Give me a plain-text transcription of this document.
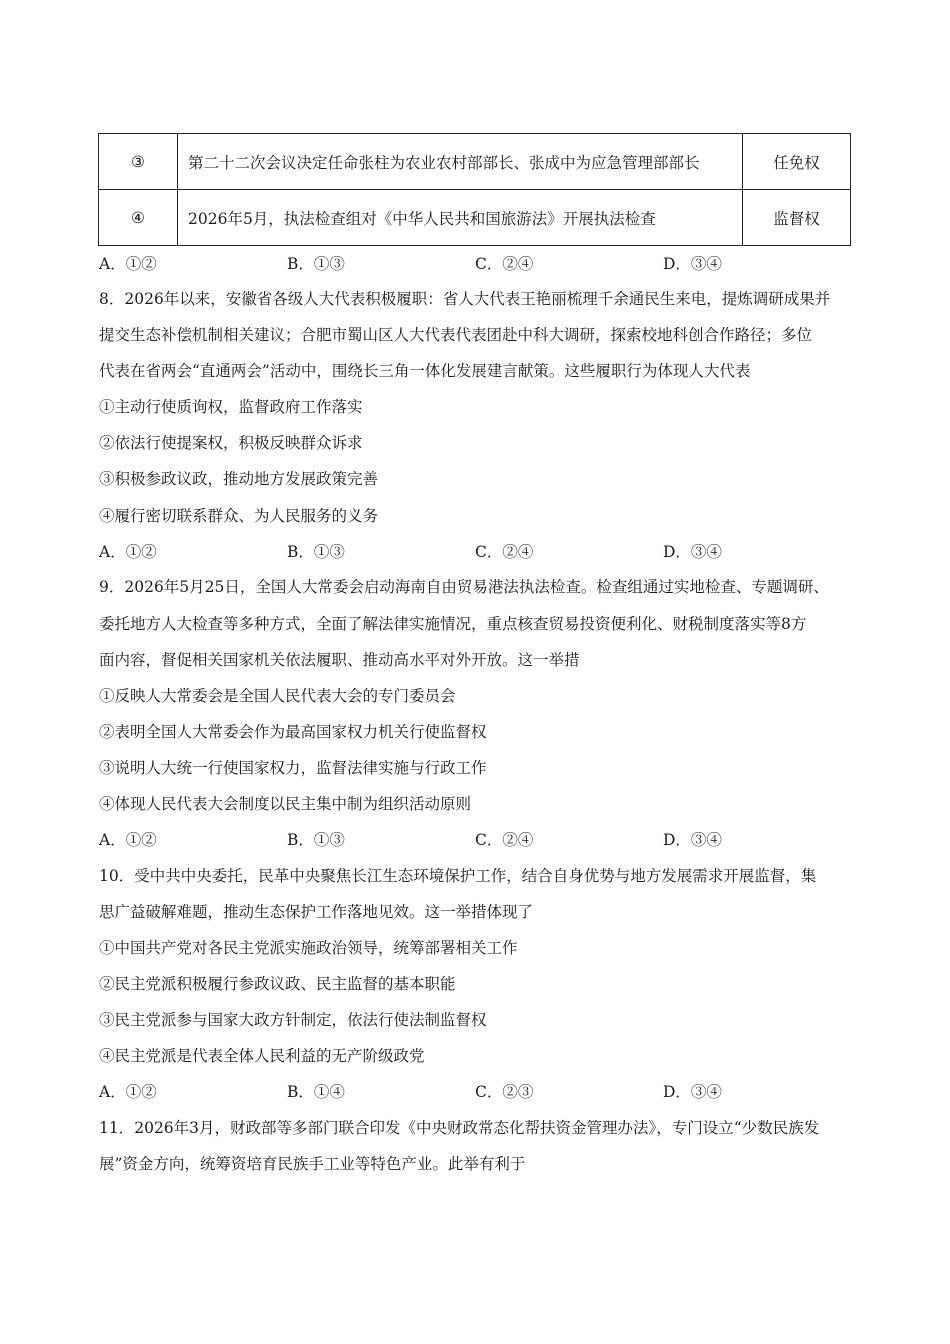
③	第二十二次会议决定任命张柱为农业农村部部长、张成中为应急管理部部长	任免权
④	2026年5月，执法检查组对《中华人民共和国旅游法》开展执法检查	监督权
A．①②	B．①③	C．②④	D．③④
8．2026年以来，安徽省各级人大代表积极履职：省人大代表王艳丽梳理千余通民生来电，提炼调研成果并
提交生态补偿机制相关建议；合肥市蜀山区人大代表代表团赴中科大调研，探索校地科创合作路径；多位
代表在省两会“直通两会”活动中，围绕长三角一体化发展建言献策。这些履职行为体现人大代表
①主动行使质询权，监督政府工作落实
②依法行使提案权，积极反映群众诉求
③积极参政议政，推动地方发展政策完善
④履行密切联系群众、为人民服务的义务
A．①②	B．①③	C．②④	D．③④
9．2026年5月25日，全国人大常委会启动海南自由贸易港法执法检查。检查组通过实地检查、专题调研、
委托地方人大检查等多种方式，全面了解法律实施情况，重点核查贸易投资便利化、财税制度落实等8方
面内容，督促相关国家机关依法履职、推动高水平对外开放。这一举措
①反映人大常委会是全国人民代表大会的专门委员会
②表明全国人大常委会作为最高国家权力机关行使监督权
③说明人大统一行使国家权力，监督法律实施与行政工作
④体现人民代表大会制度以民主集中制为组织活动原则
A．①②	B．①③	C．②④	D．③④
10．受中共中央委托，民革中央聚焦长江生态环境保护工作，结合自身优势与地方发展需求开展监督，集
思广益破解难题，推动生态保护工作落地见效。这一举措体现了
①中国共产党对各民主党派实施政治领导，统筹部署相关工作
②民主党派积极履行参政议政、民主监督的基本职能
③民主党派参与国家大政方针制定，依法行使法制监督权
④民主党派是代表全体人民利益的无产阶级政党
A．①②	B．①④	C．②③	D．③④
11．2026年3月，财政部等多部门联合印发《中央财政常态化帮扶资金管理办法》，专门设立“少数民族发
展”资金方向，统筹资培育民族手工业等特色产业。此举有利于
